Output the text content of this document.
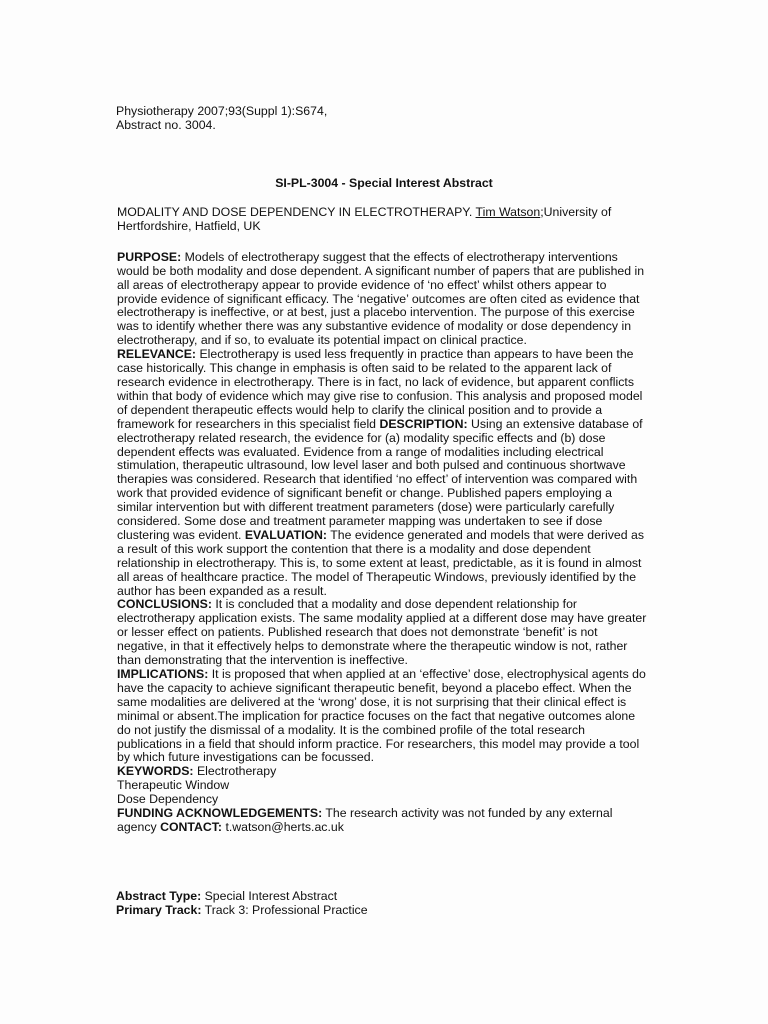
Physiotherapy 2007;93(Suppl 1):S674,
Abstract no. 3004.
SI-PL-3004 - Special Interest Abstract

MODALITY AND DOSE DEPENDENCY IN ELECTROTHERAPY. Tim Watson;University of Hertfordshire, Hatfield, UK

PURPOSE: Models of electrotherapy suggest that the effects of electrotherapy interventions would be both modality and dose dependent. A significant number of papers that are published in all areas of electrotherapy appear to provide evidence of ‘no effect’ whilst others appear to provide evidence of significant efficacy. The ‘negative’ outcomes are often cited as evidence that electrotherapy is ineffective, or at best, just a placebo intervention. The purpose of this exercise was to identify whether there was any substantive evidence of modality or dose dependency in electrotherapy, and if so, to evaluate its potential impact on clinical practice.

RELEVANCE: Electrotherapy is used less frequently in practice than appears to have been the case historically. This change in emphasis is often said to be related to the apparent lack of research evidence in electrotherapy. There is in fact, no lack of evidence, but apparent conflicts within that body of evidence which may give rise to confusion. This analysis and proposed model of dependent therapeutic effects would help to clarify the clinical position and to provide a framework for researchers in this specialist field DESCRIPTION: Using an extensive database of electrotherapy related research, the evidence for (a) modality specific effects and (b) dose dependent effects was evaluated. Evidence from a range of modalities including electrical stimulation, therapeutic ultrasound, low level laser and both pulsed and continuous shortwave therapies was considered. Research that identified ‘no effect’ of intervention was compared with work that provided evidence of significant benefit or change. Published papers employing a similar intervention but with different treatment parameters (dose) were particularly carefully considered. Some dose and treatment parameter mapping was undertaken to see if dose clustering was evident. EVALUATION: The evidence generated and models that were derived as a result of this work support the contention that there is a modality and dose dependent relationship in electrotherapy. This is, to some extent at least, predictable, as it is found in almost all areas of healthcare practice. The model of Therapeutic Windows, previously identified by the author has been expanded as a result.

CONCLUSIONS: It is concluded that a modality and dose dependent relationship for electrotherapy application exists. The same modality applied at a different dose may have greater or lesser effect on patients. Published research that does not demonstrate ‘benefit’ is not negative, in that it effectively helps to demonstrate where the therapeutic window is not, rather than demonstrating that the intervention is ineffective.

IMPLICATIONS: It is proposed that when applied at an ‘effective’ dose, electrophysical agents do have the capacity to achieve significant therapeutic benefit, beyond a placebo effect. When the same modalities are delivered at the ‘wrong’ dose, it is not surprising that their clinical effect is minimal or absent.The implication for practice focuses on the fact that negative outcomes alone do not justify the dismissal of a modality. It is the combined profile of the total research publications in a field that should inform practice. For researchers, this model may provide a tool by which future investigations can be focussed.

KEYWORDS: Electrotherapy

Therapeutic Window

Dose Dependency

FUNDING ACKNOWLEDGEMENTS: The research activity was not funded by any external agency CONTACT: t.watson@herts.ac.uk

Abstract Type: Special Interest Abstract
Primary Track: Track 3: Professional Practice
